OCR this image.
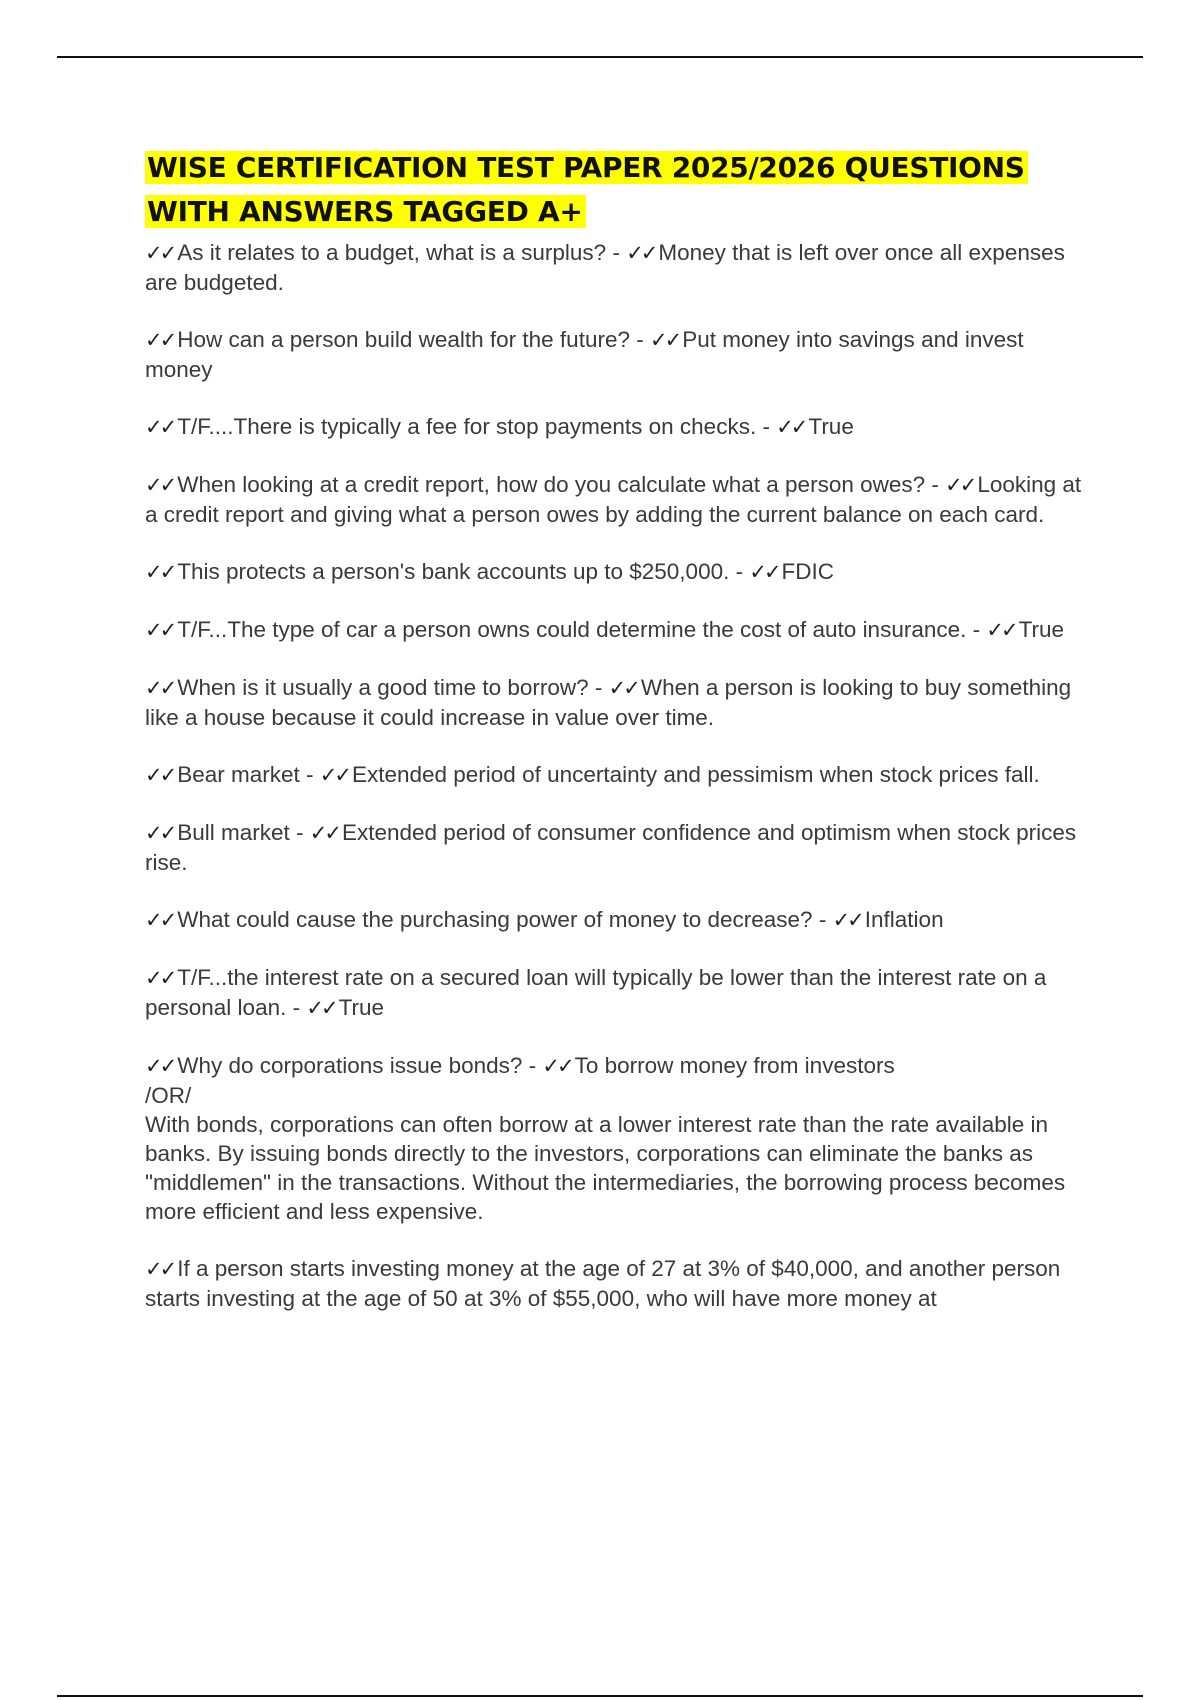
WISE CERTIFICATION TEST PAPER 2025/2026 QUESTIONS WITH ANSWERS TAGGED A+

✓✓ As it relates to a budget, what is a surplus? - ✓✓ Money that is left over once all expenses are budgeted.

✓✓ How can a person build wealth for the future? - ✓✓ Put money into savings and invest money

✓✓ T/F....There is typically a fee for stop payments on checks. - ✓✓ True

✓✓ When looking at a credit report, how do you calculate what a person owes? - ✓✓ Looking at a credit report and giving what a person owes by adding the current balance on each card.

✓✓ This protects a person's bank accounts up to $250,000. - ✓✓ FDIC

✓✓ T/F...The type of car a person owns could determine the cost of auto insurance. - ✓✓ True

✓✓ When is it usually a good time to borrow? - ✓✓ When a person is looking to buy something like a house because it could increase in value over time.

✓✓ Bear market - ✓✓ Extended period of uncertainty and pessimism when stock prices fall.

✓✓ Bull market - ✓✓ Extended period of consumer confidence and optimism when stock prices rise.

✓✓ What could cause the purchasing power of money to decrease? - ✓✓ Inflation

✓✓ T/F...the interest rate on a secured loan will typically be lower than the interest rate on a personal loan. - ✓✓ True

✓✓ Why do corporations issue bonds? - ✓✓ To borrow money from investors
/OR/
With bonds, corporations can often borrow at a lower interest rate than the rate available in banks. By issuing bonds directly to the investors, corporations can eliminate the banks as "middlemen" in the transactions. Without the intermediaries, the borrowing process becomes more efficient and less expensive.

✓✓ If a person starts investing money at the age of 27 at 3% of $40,000, and another person starts investing at the age of 50 at 3% of $55,000, who will have more money at
